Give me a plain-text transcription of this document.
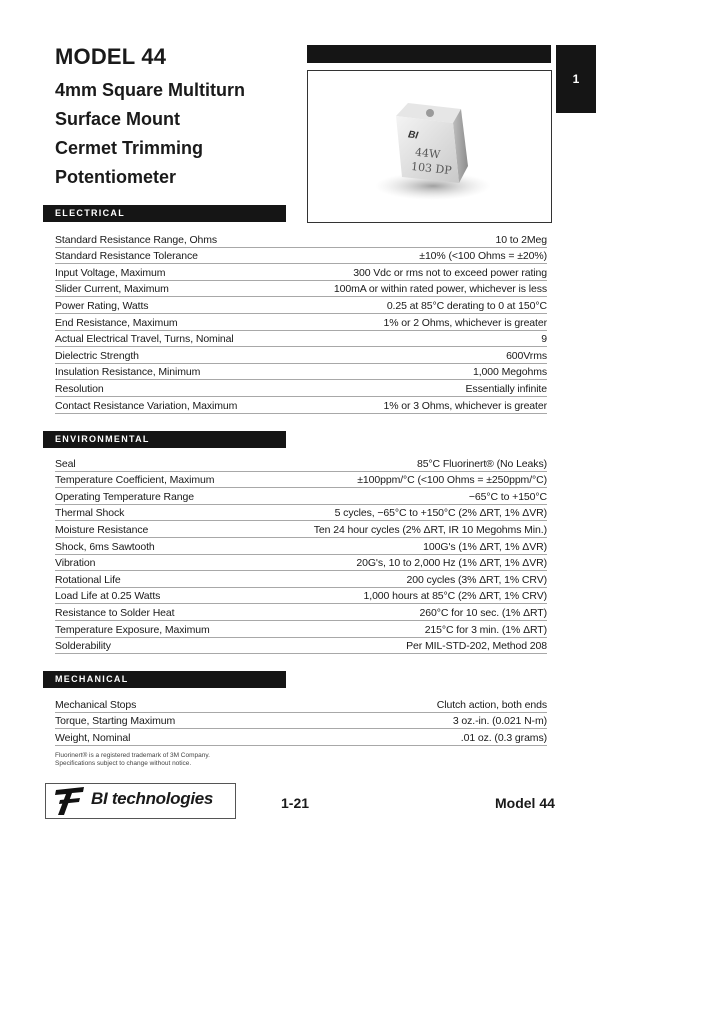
MODEL 44
4mm Square Multiturn
Surface Mount
Cermet Trimming
Potentiometer
1
BI
44W
103 DP
ELECTRICAL
Standard Resistance Range, Ohms	10 to 2Meg
Standard Resistance Tolerance	±10% (<100 Ohms = ±20%)
Input Voltage, Maximum	300 Vdc or rms not to exceed power rating
Slider Current, Maximum	100mA or within rated power, whichever is less
Power Rating, Watts	0.25 at 85°C derating to 0 at 150°C
End Resistance, Maximum	1% or 2 Ohms, whichever is greater
Actual Electrical Travel, Turns, Nominal	9
Dielectric Strength	600Vrms
Insulation Resistance, Minimum	1,000 Megohms
Resolution	Essentially infinite
Contact Resistance Variation, Maximum	1% or 3 Ohms, whichever is greater
ENVIRONMENTAL
Seal	85°C Fluorinert® (No Leaks)
Temperature Coefficient, Maximum	±100ppm/°C (<100 Ohms = ±250ppm/°C)
Operating Temperature Range	−65°C to +150°C
Thermal Shock	5 cycles, −65°C to +150°C (2% ΔRT, 1% ΔVR)
Moisture Resistance	Ten 24 hour cycles (2% ΔRT, IR 10 Megohms Min.)
Shock, 6ms Sawtooth	100G's (1% ΔRT, 1% ΔVR)
Vibration	20G's, 10 to 2,000 Hz (1% ΔRT, 1% ΔVR)
Rotational Life	200 cycles (3% ΔRT, 1% CRV)
Load Life at 0.25 Watts	1,000 hours at 85°C (2% ΔRT, 1% CRV)
Resistance to Solder Heat	260°C for 10 sec. (1% ΔRT)
Temperature Exposure, Maximum	215°C for 3 min. (1% ΔRT)
Solderability	Per MIL-STD-202, Method 208
MECHANICAL
Mechanical Stops	Clutch action, both ends
Torque, Starting Maximum	3 oz.-in. (0.021 N-m)
Weight, Nominal	.01 oz. (0.3 grams)
Fluorinert® is a registered trademark of 3M Company.
Specifications subject to change without notice.
BI technologies	1-21	Model 44
